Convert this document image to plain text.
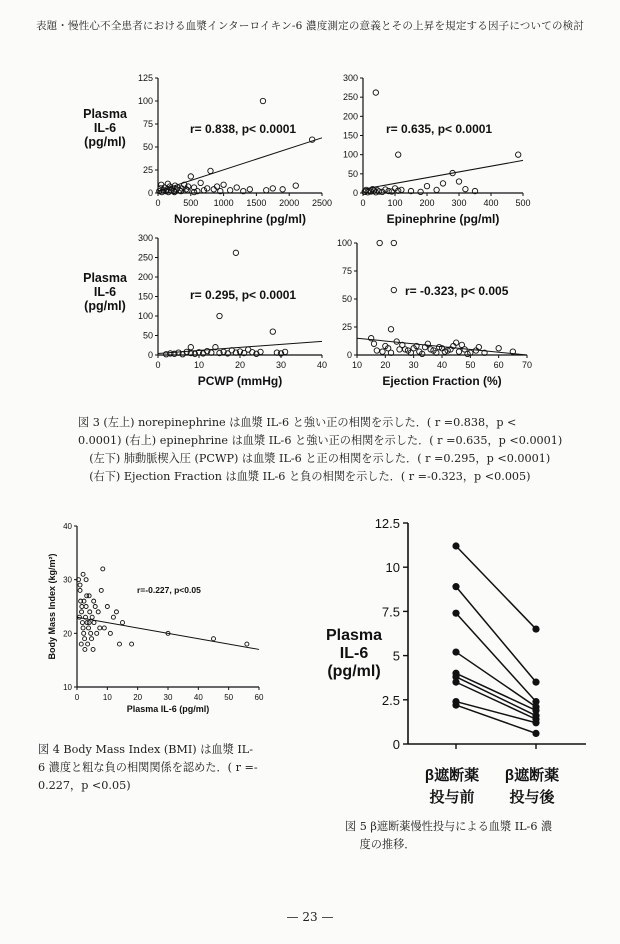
表題・慢性心不全患者における血漿インターロイキン-6 濃度測定の意義とその上昇を規定する因子についての検討
0
25
50
75
100
125
0	500 1000 1500 2000 2500
Norepinephrine (pg/ml)
r= 0.838, p< 0.0001
0
50
100
150
200
250
300
0 100 200 300 400 500
Epinephrine (pg/ml)
r= 0.635, p< 0.0001
0
50
100
150
200
250
300
0	10	20	30	40
PCWP (mmHg)
r= 0.295, p< 0.0001
0
25
50
75
100
10 20 30 40 50 60 70
Ejection Fraction (%)
r= -0.323, p< 0.005
10
20
30
40
0	10	20	30	40	50	60
Plasma IL-6 (pg/ml)
Body Mass Index (kg/m²)	r=-0.227, p<0.05
0
2.5
5
7.5
10
12.5
β遮断薬投与前
β遮断薬投与後
Plasma
IL-6
(pg/ml)
Plasma
IL-6
(pg/ml)
Plasma
IL-6
(pg/ml)
図 3 (左上) norepinephrine は血漿 IL-6 と強い正の相関を示した．( r =0.838，p <
0.0001) (右上) epinephrine は血漿 IL-6 と強い正の相関を示した．( r =0.635，p <0.0001)
(左下) 肺動脈楔入圧 (PCWP) は血漿 IL-6 と正の相関を示した．( r =0.295，p <0.0001)
(右下) Ejection Fraction は血漿 IL-6 と負の相関を示した．( r =-0.323，p <0.005)
図 4 Body Mass Index (BMI) は血漿 IL-
6 濃度と粗な負の相関関係を認めた．( r =-
0.227，p <0.05)
図 5 β遮断薬慢性投与による血漿 IL-6 濃
度の推移．
— 23 —
